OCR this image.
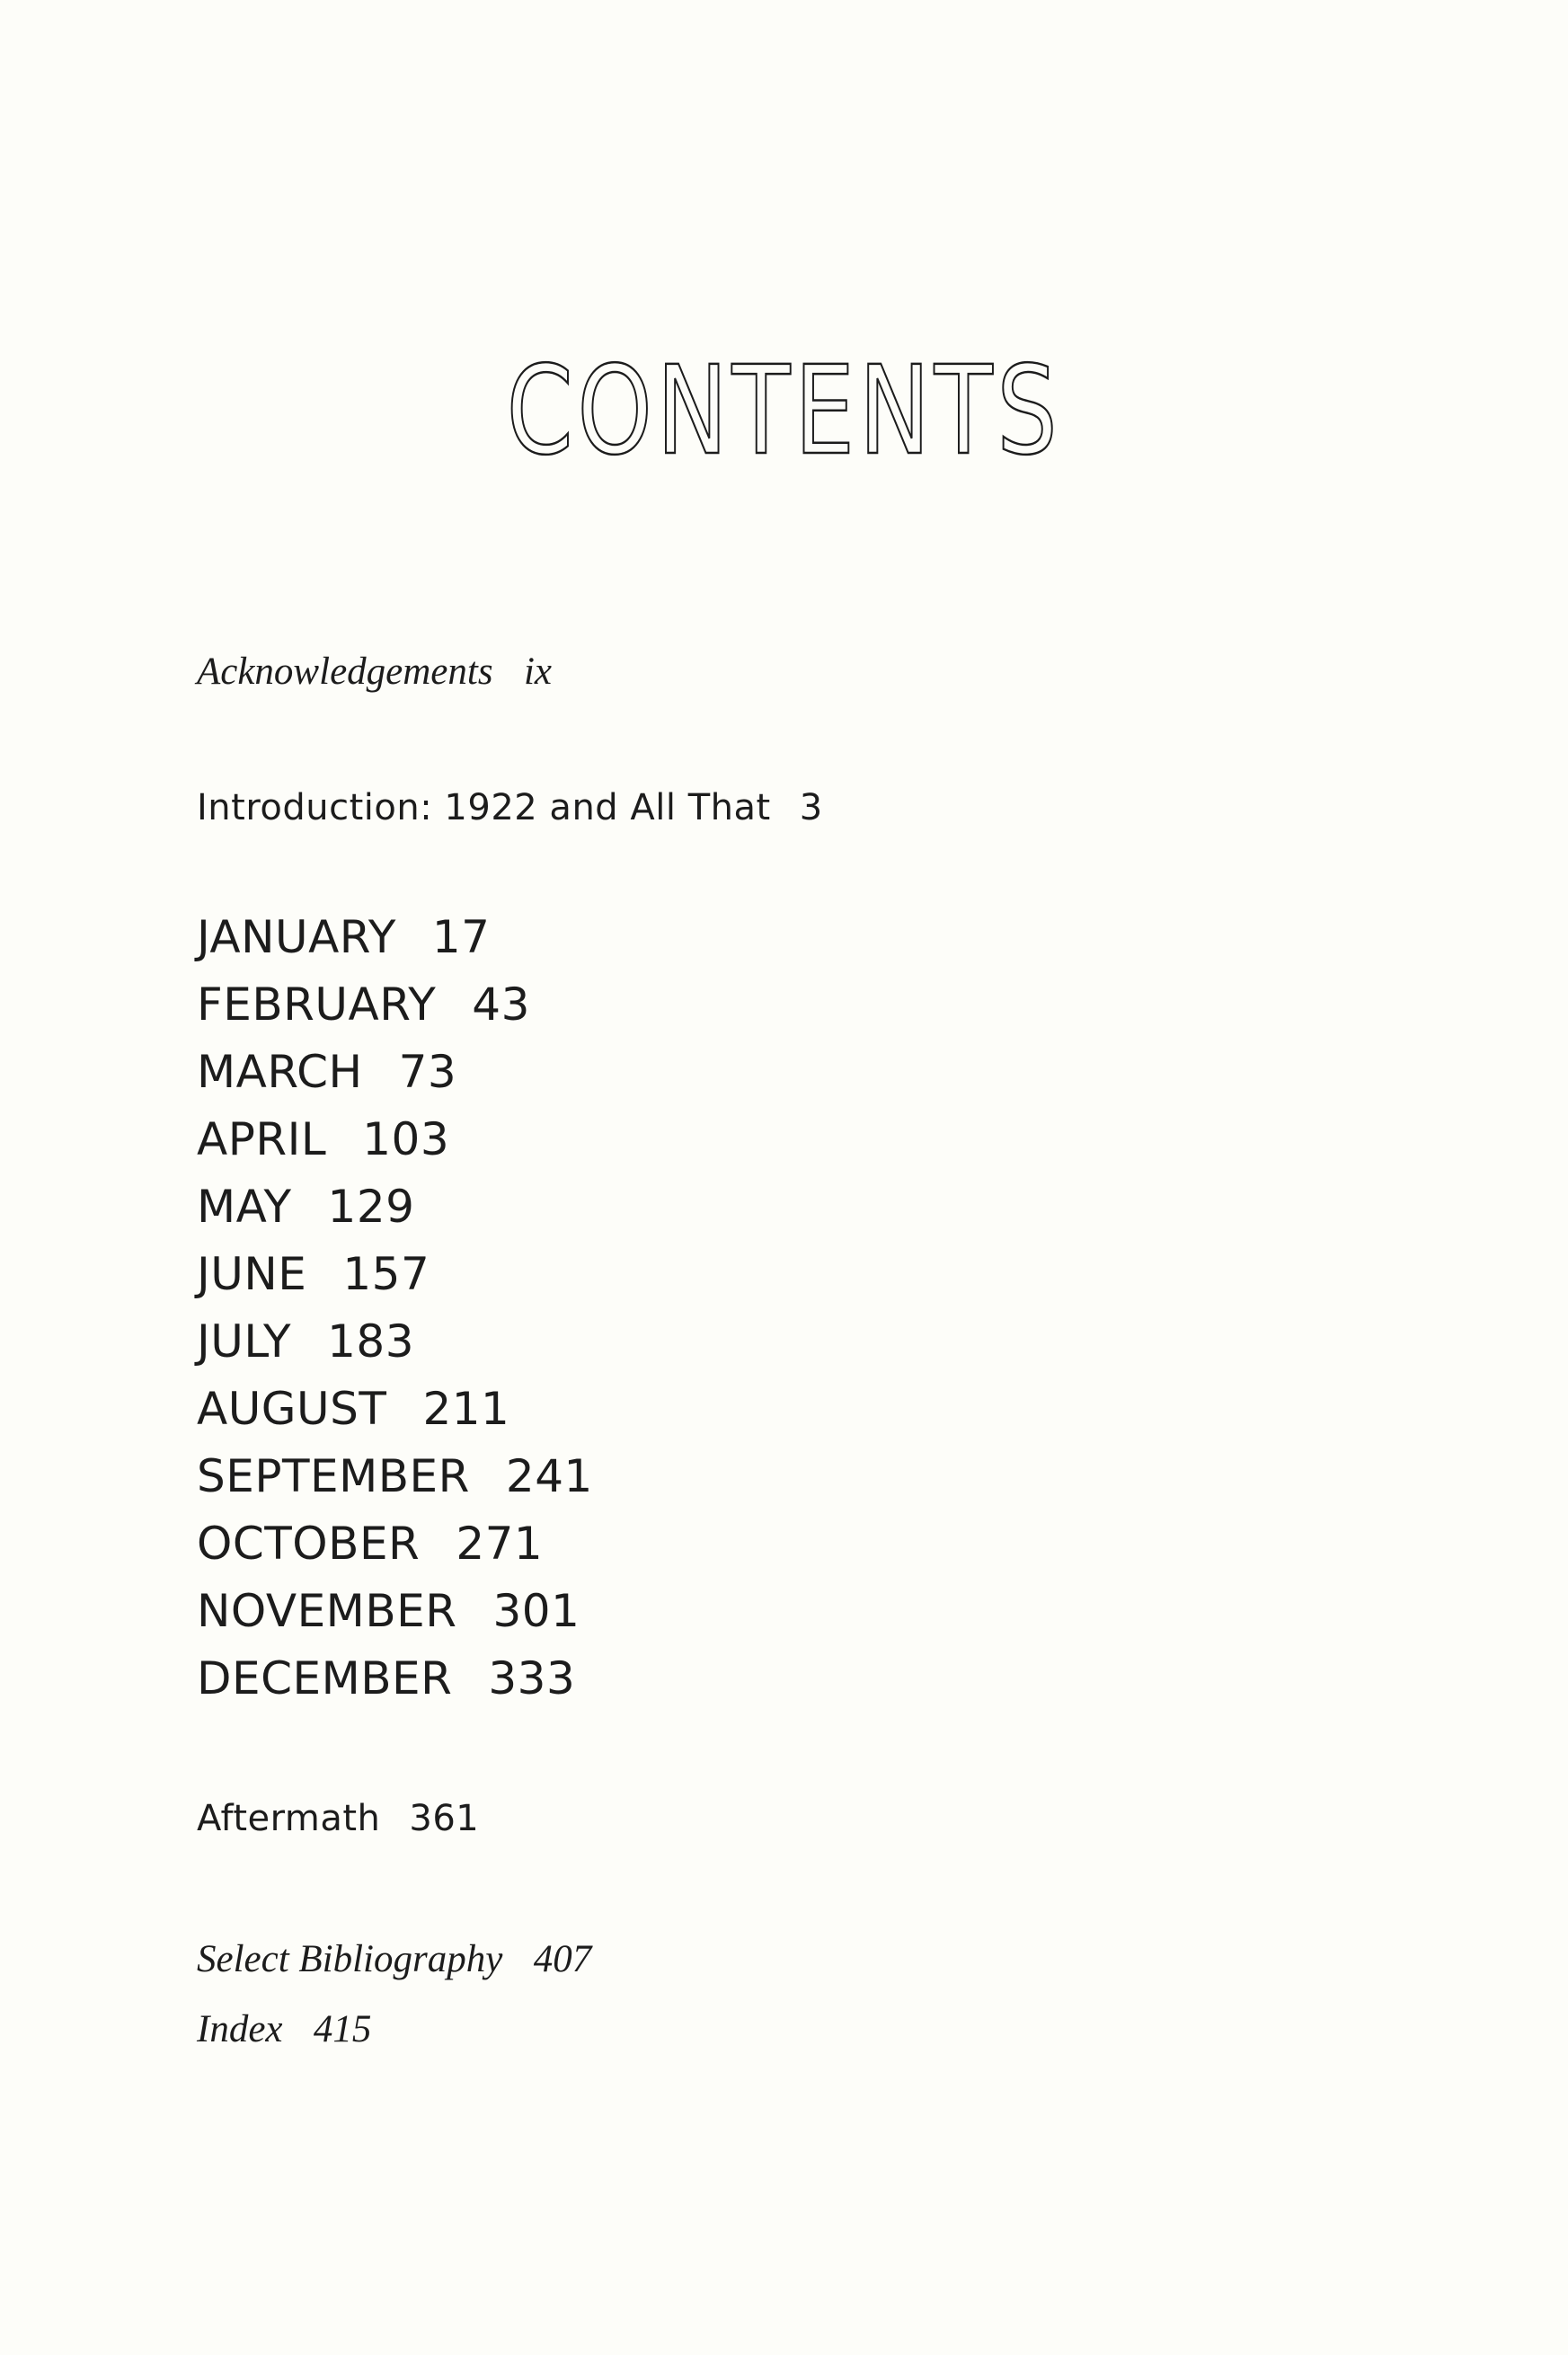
CONTENTS
Acknowledgements ix
Introduction: 1922 and All That 3
JANUARY 17
FEBRUARY 43
MARCH 73
APRIL 103
MAY 129
JUNE 157
JULY 183
AUGUST 211
SEPTEMBER 241
OCTOBER 271
NOVEMBER 301
DECEMBER 333
Aftermath 361
Select Bibliography 407
Index 415
